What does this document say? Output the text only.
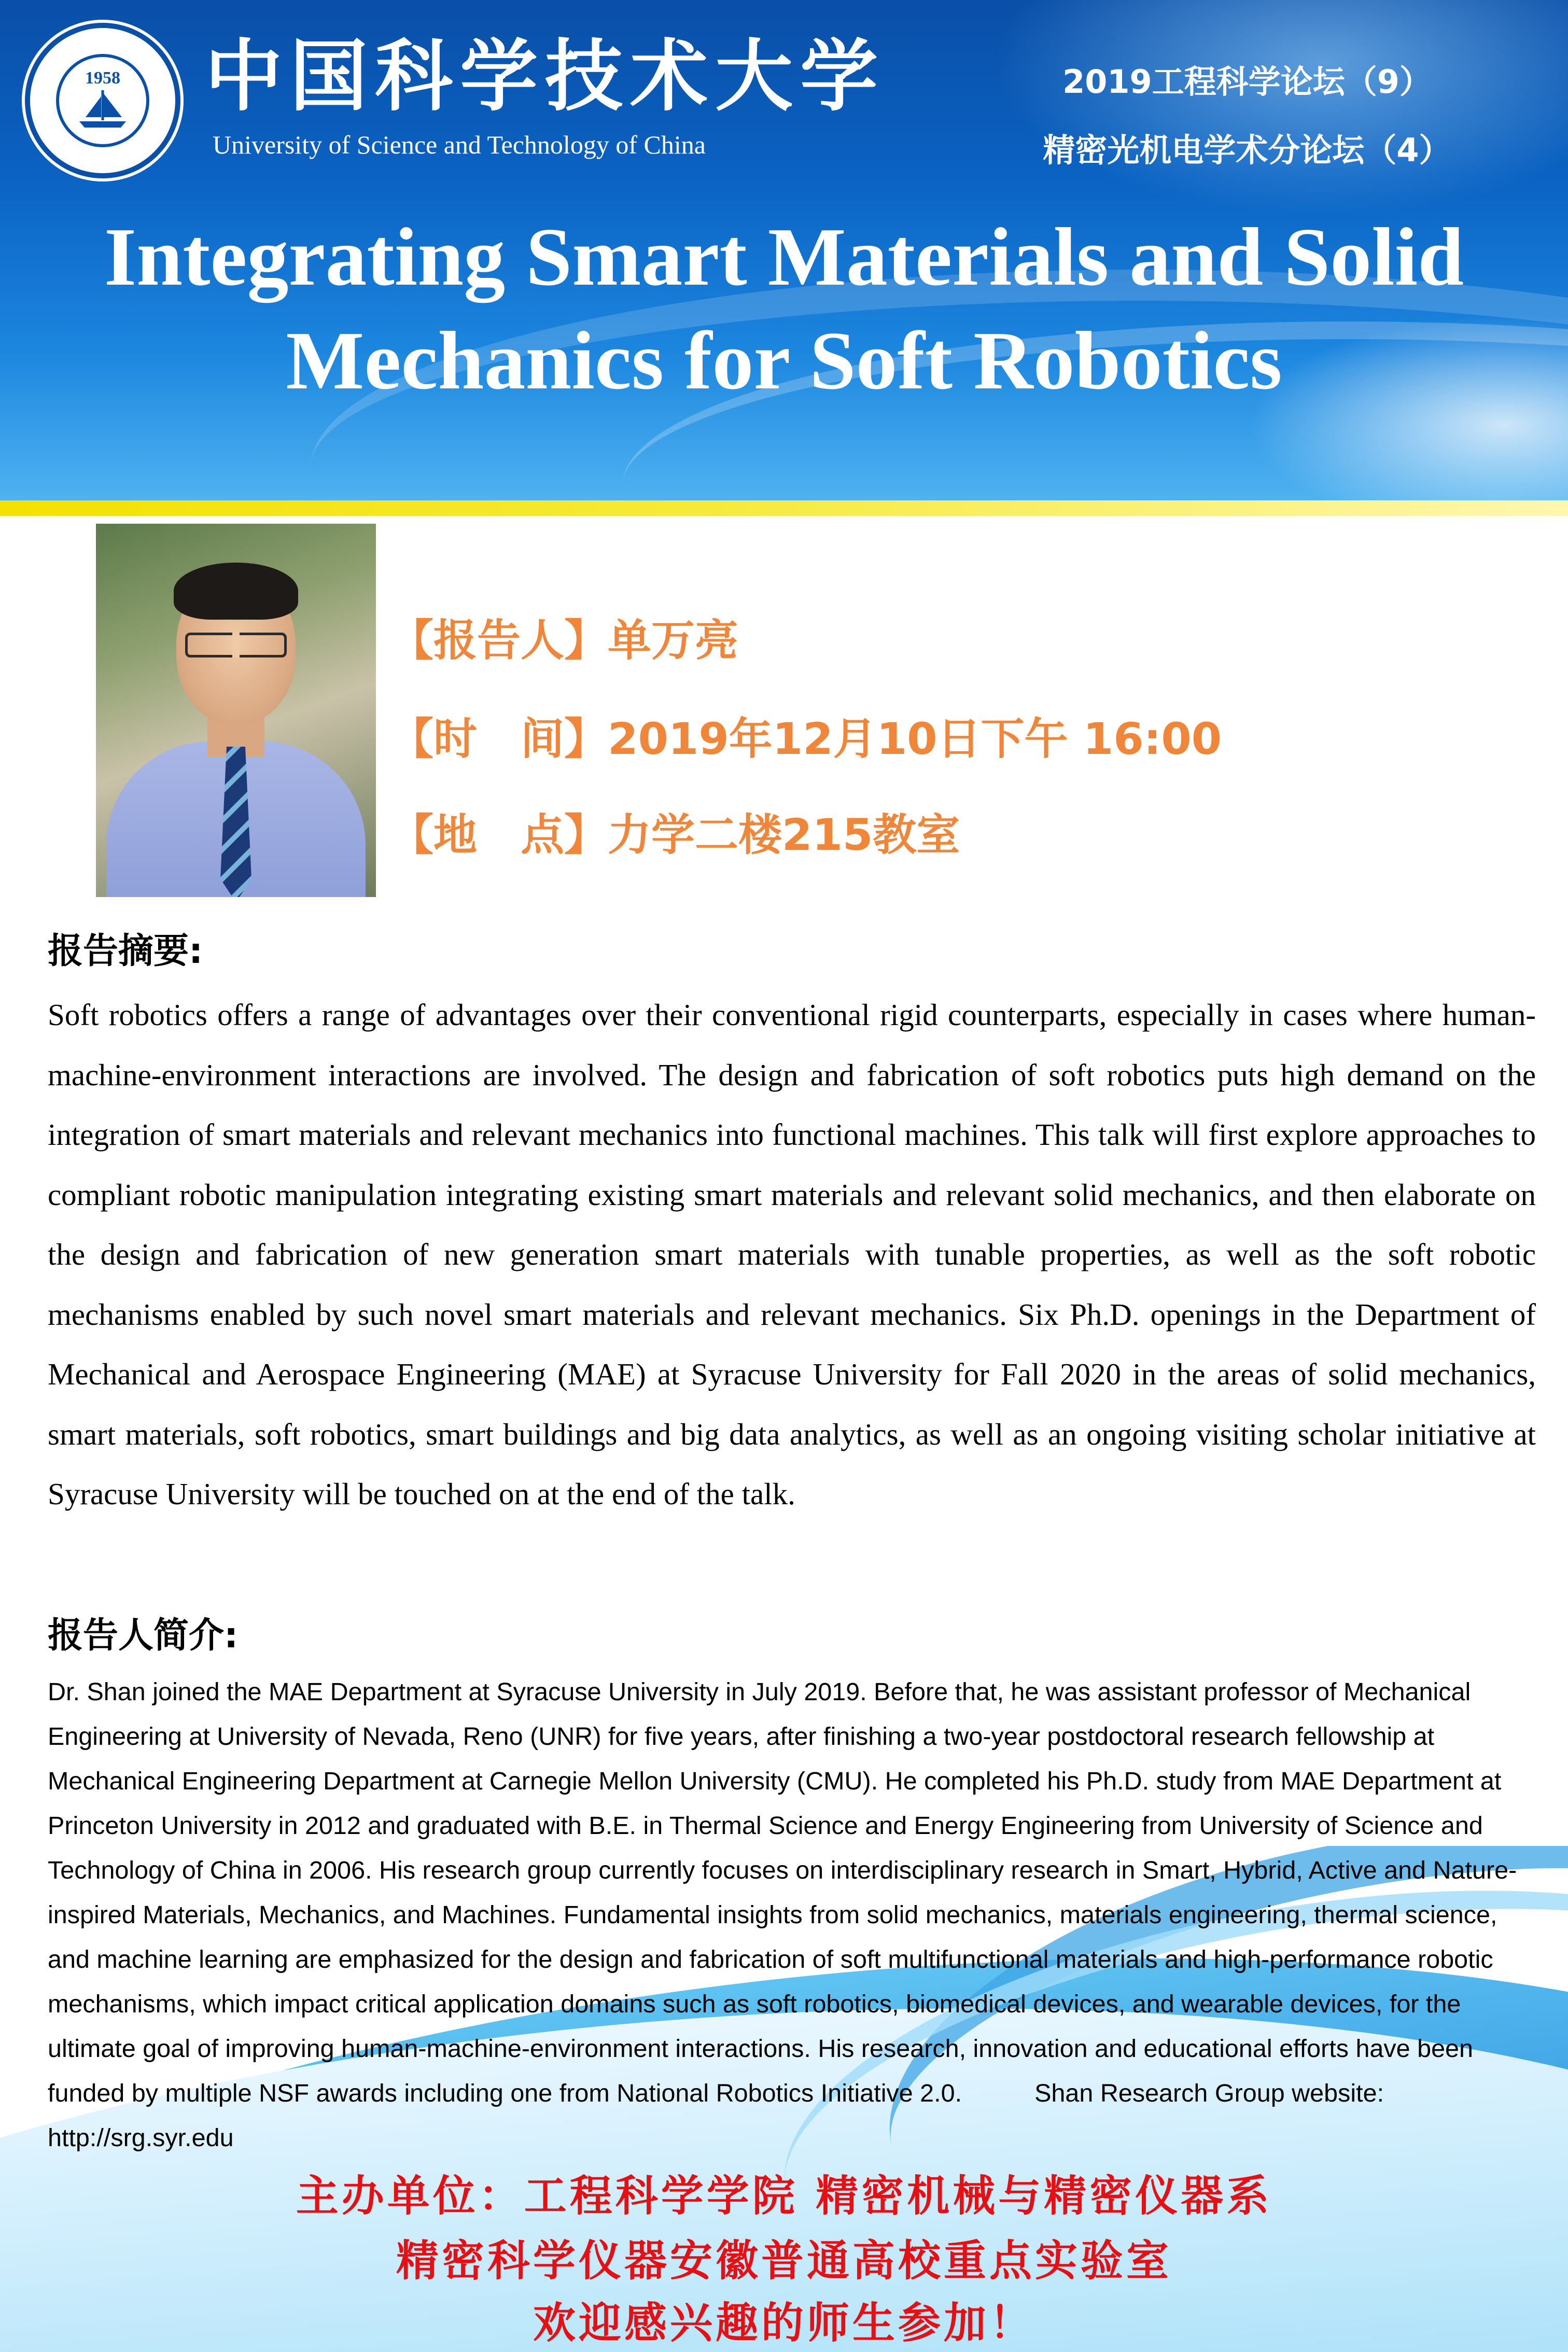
1958	中国科学技术大学
University of Science and Technology of China
2019工程科学论坛（9）
精密光机电学术分论坛（4）
Integrating Smart Materials and Solid
Mechanics for Soft Robotics
【报告人】单万亮
【时　间】2019年12月10日下午 16:00
【地　点】力学二楼215教室
报告摘要:
Soft robotics offers a range of advantages over their conventional rigid counterparts, especially in cases where human-machine-environment interactions are involved. The design and fabrication of soft robotics puts high demand on the integration of smart materials and relevant mechanics into functional machines. This talk will first explore approaches to compliant robotic manipulation integrating existing smart materials and relevant solid mechanics, and then elaborate on the design and fabrication of new generation smart materials with tunable properties, as well as the soft robotic mechanisms enabled by such novel smart materials and relevant mechanics. Six Ph.D. openings in the Department of Mechanical and Aerospace Engineering (MAE) at Syracuse University for Fall 2020 in the areas of solid mechanics, smart materials, soft robotics, smart buildings and big data analytics, as well as an ongoing visiting scholar initiative at Syracuse University will be touched on at the end of the talk.
报告人简介:
Dr. Shan joined the MAE Department at Syracuse University in July 2019. Before that, he was assistant professor of Mechanical Engineering at University of Nevada, Reno (UNR) for five years, after finishing a two-year postdoctoral research fellowship at Mechanical Engineering Department at Carnegie Mellon University (CMU). He completed his Ph.D. study from MAE Department at Princeton University in 2012 and graduated with B.E. in Thermal Science and Energy Engineering from University of Science and Technology of China in 2006. His research group currently focuses on interdisciplinary research in Smart, Hybrid, Active and Nature-inspired Materials, Mechanics, and Machines. Fundamental insights from solid mechanics, materials engineering, thermal science, and machine learning are emphasized for the design and fabrication of soft multifunctional materials and high-performance robotic mechanisms, which impact critical application domains such as soft robotics, biomedical devices, and wearable devices, for the ultimate goal of improving human-machine-environment interactions. His research, innovation and educational efforts have been funded by multiple NSF awards including one from National Robotics Initiative 2.0.	Shan Research Group website: http://srg.syr.edu
主办单位：工程科学学院 精密机械与精密仪器系
精密科学仪器安徽普通高校重点实验室
欢迎感兴趣的师生参加！
